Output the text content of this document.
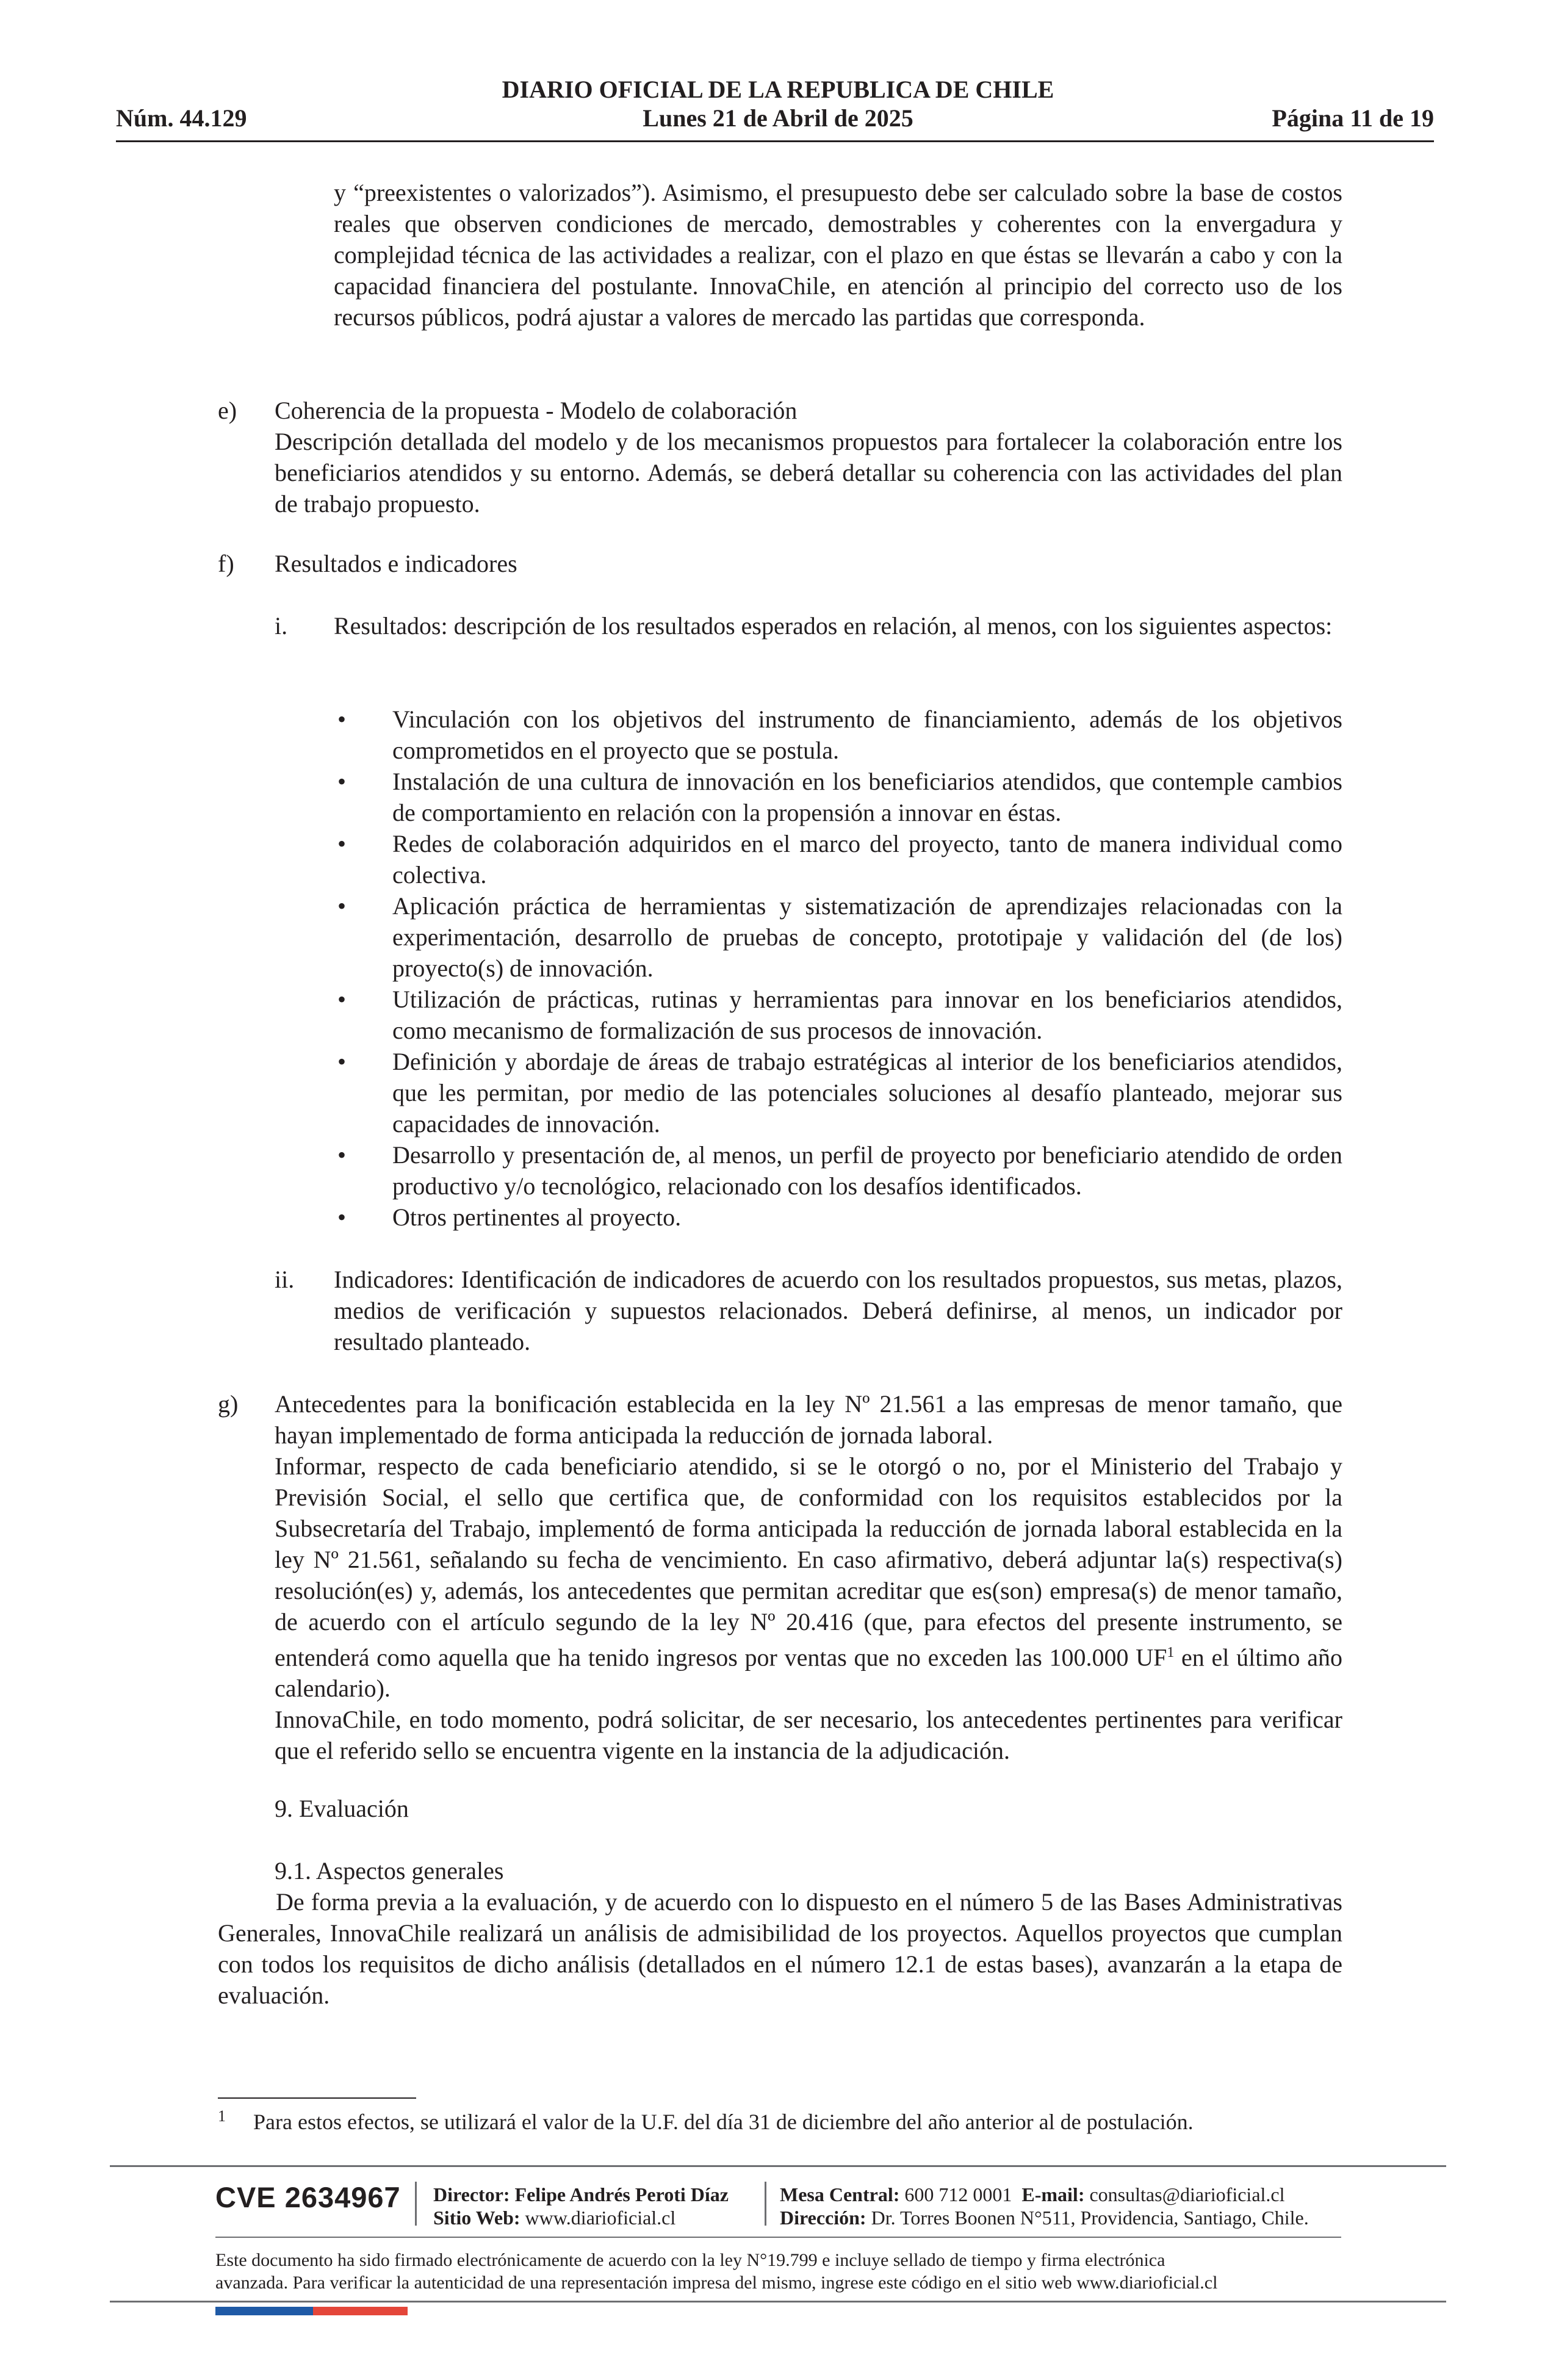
DIARIO OFICIAL DE LA REPUBLICA DE CHILE
Lunes 21 de Abril de 2025
Núm. 44.129	Página 11 de 19
y “preexistentes o valorizados”). Asimismo, el presupuesto debe ser calculado sobre la base de costos reales que observen condiciones de mercado, demostrables y coherentes con la envergadura y complejidad técnica de las actividades a realizar, con el plazo en que éstas se llevarán a cabo y con la capacidad financiera del postulante. InnovaChile, en atención al principio del correcto uso de los recursos públicos, podrá ajustar a valores de mercado las partidas que corresponda.
e) Coherencia de la propuesta - Modelo de colaboración

Descripción detallada del modelo y de los mecanismos propuestos para fortalecer la colaboración entre los beneficiarios atendidos y su entorno. Además, se deberá detallar su coherencia con las actividades del plan de trabajo propuesto.

f) Resultados e indicadores
i. Resultados: descripción de los resultados esperados en relación, al menos, con los siguientes aspectos:
• Vinculación con los objetivos del instrumento de financiamiento, además de los objetivos comprometidos en el proyecto que se postula.
• Instalación de una cultura de innovación en los beneficiarios atendidos, que contemple cambios de comportamiento en relación con la propensión a innovar en éstas.
• Redes de colaboración adquiridos en el marco del proyecto, tanto de manera individual como colectiva.
• Aplicación práctica de herramientas y sistematización de aprendizajes relacionadas con la experimentación, desarrollo de pruebas de concepto, prototipaje y validación del (de los) proyecto(s) de innovación.
• Utilización de prácticas, rutinas y herramientas para innovar en los beneficiarios atendidos, como mecanismo de formalización de sus procesos de innovación.
• Definición y abordaje de áreas de trabajo estratégicas al interior de los beneficiarios atendidos, que les permitan, por medio de las potenciales soluciones al desafío planteado, mejorar sus capacidades de innovación.
• Desarrollo y presentación de, al menos, un perfil de proyecto por beneficiario atendido de orden productivo y/o tecnológico, relacionado con los desafíos identificados.
• Otros pertinentes al proyecto.
ii. Indicadores: Identificación de indicadores de acuerdo con los resultados propuestos, sus metas, plazos, medios de verificación y supuestos relacionados. Deberá definirse, al menos, un indicador por resultado planteado.
g) Antecedentes para la bonificación establecida en la ley Nº 21.561 a las empresas de menor tamaño, que hayan implementado de forma anticipada la reducción de jornada laboral.

Informar, respecto de cada beneficiario atendido, si se le otorgó o no, por el Ministerio del Trabajo y Previsión Social, el sello que certifica que, de conformidad con los requisitos establecidos por la Subsecretaría del Trabajo, implementó de forma anticipada la reducción de jornada laboral establecida en la ley Nº 21.561, señalando su fecha de vencimiento. En caso afirmativo, deberá adjuntar la(s) respectiva(s) resolución(es) y, además, los antecedentes que permitan acreditar que es(son) empresa(s) de menor tamaño, de acuerdo con el artículo segundo de la ley Nº 20.416 (que, para efectos del presente instrumento, se entenderá como aquella que ha tenido ingresos por ventas que no exceden las 100.000 $UF^1$ en el último año calendario).

InnovaChile, en todo momento, podrá solicitar, de ser necesario, los antecedentes pertinentes para verificar que el referido sello se encuentra vigente en la instancia de la adjudicación.

9. Evaluación
9.1. Aspectos generales
De forma previa a la evaluación, y de acuerdo con lo dispuesto en el número 5 de las Bases Administrativas Generales, InnovaChile realizará un análisis de admisibilidad de los proyectos. Aquellos proyectos que cumplan con todos los requisitos de dicho análisis (detallados en el número 12.1 de estas bases), avanzarán a la etapa de evaluación.
1 Para estos efectos, se utilizará el valor de la U.F. del día 31 de diciembre del año anterior al de postulación.
CVE 2634967 Director: Felipe Andrés Peroti Díaz
Sitio Web: www.diarioficial.cl
Mesa Central: 600 712 0001 E-mail: consultas@diarioficial.cl
Dirección: Dr. Torres Boonen N°511, Providencia, Santiago, Chile.
Este documento ha sido firmado electrónicamente de acuerdo con la ley N°19.799 e incluye sellado de tiempo y firma electrónica
avanzada. Para verificar la autenticidad de una representación impresa del mismo, ingrese este código en el sitio web www.diarioficial.cl
